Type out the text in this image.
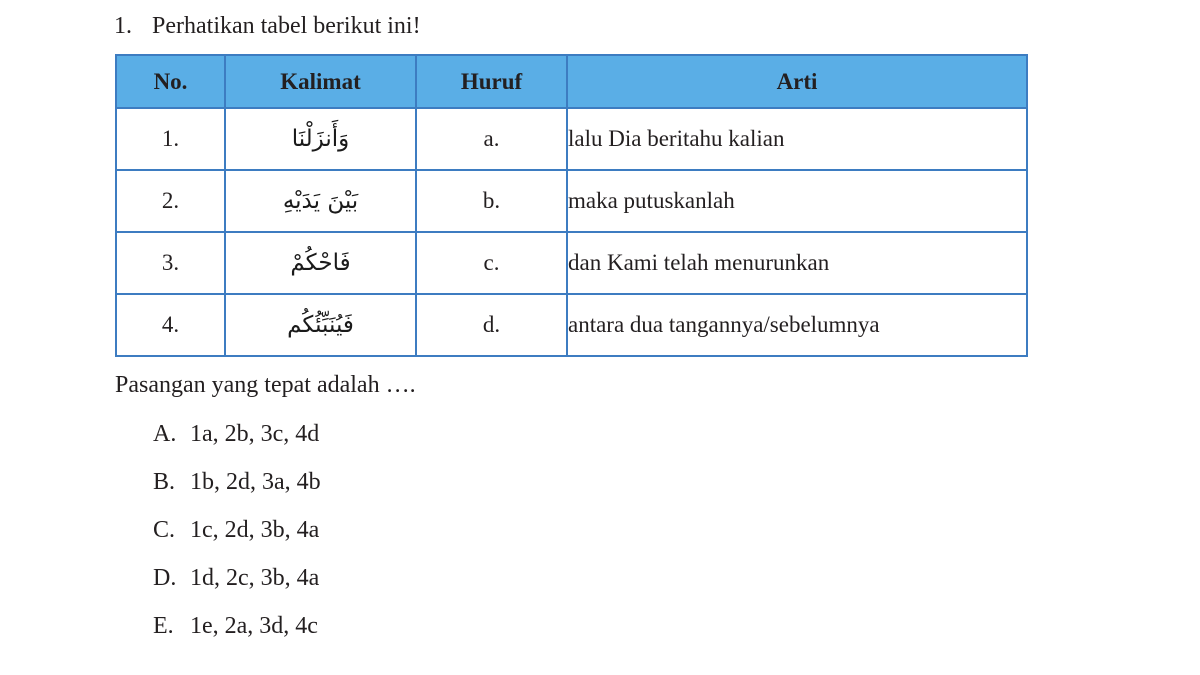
1. Perhatikan tabel berikut ini!
No.	Kalimat	Huruf	Arti
1.	وَأَنزَلْنَا	a.	lalu Dia beritahu kalian
2.	بَيْنَ يَدَيْهِ	b.	maka putuskanlah
3.	فَاحْكُمْ	c.	dan Kami telah menurunkan
4.	فَيُنَبِّئُكُم	d.	antara dua tangannya/sebelumnya
Pasangan yang tepat adalah ….
A. 1a, 2b, 3c, 4d
B. 1b, 2d, 3a, 4b
C. 1c, 2d, 3b, 4a
D. 1d, 2c, 3b, 4a
E. 1e, 2a, 3d, 4c
